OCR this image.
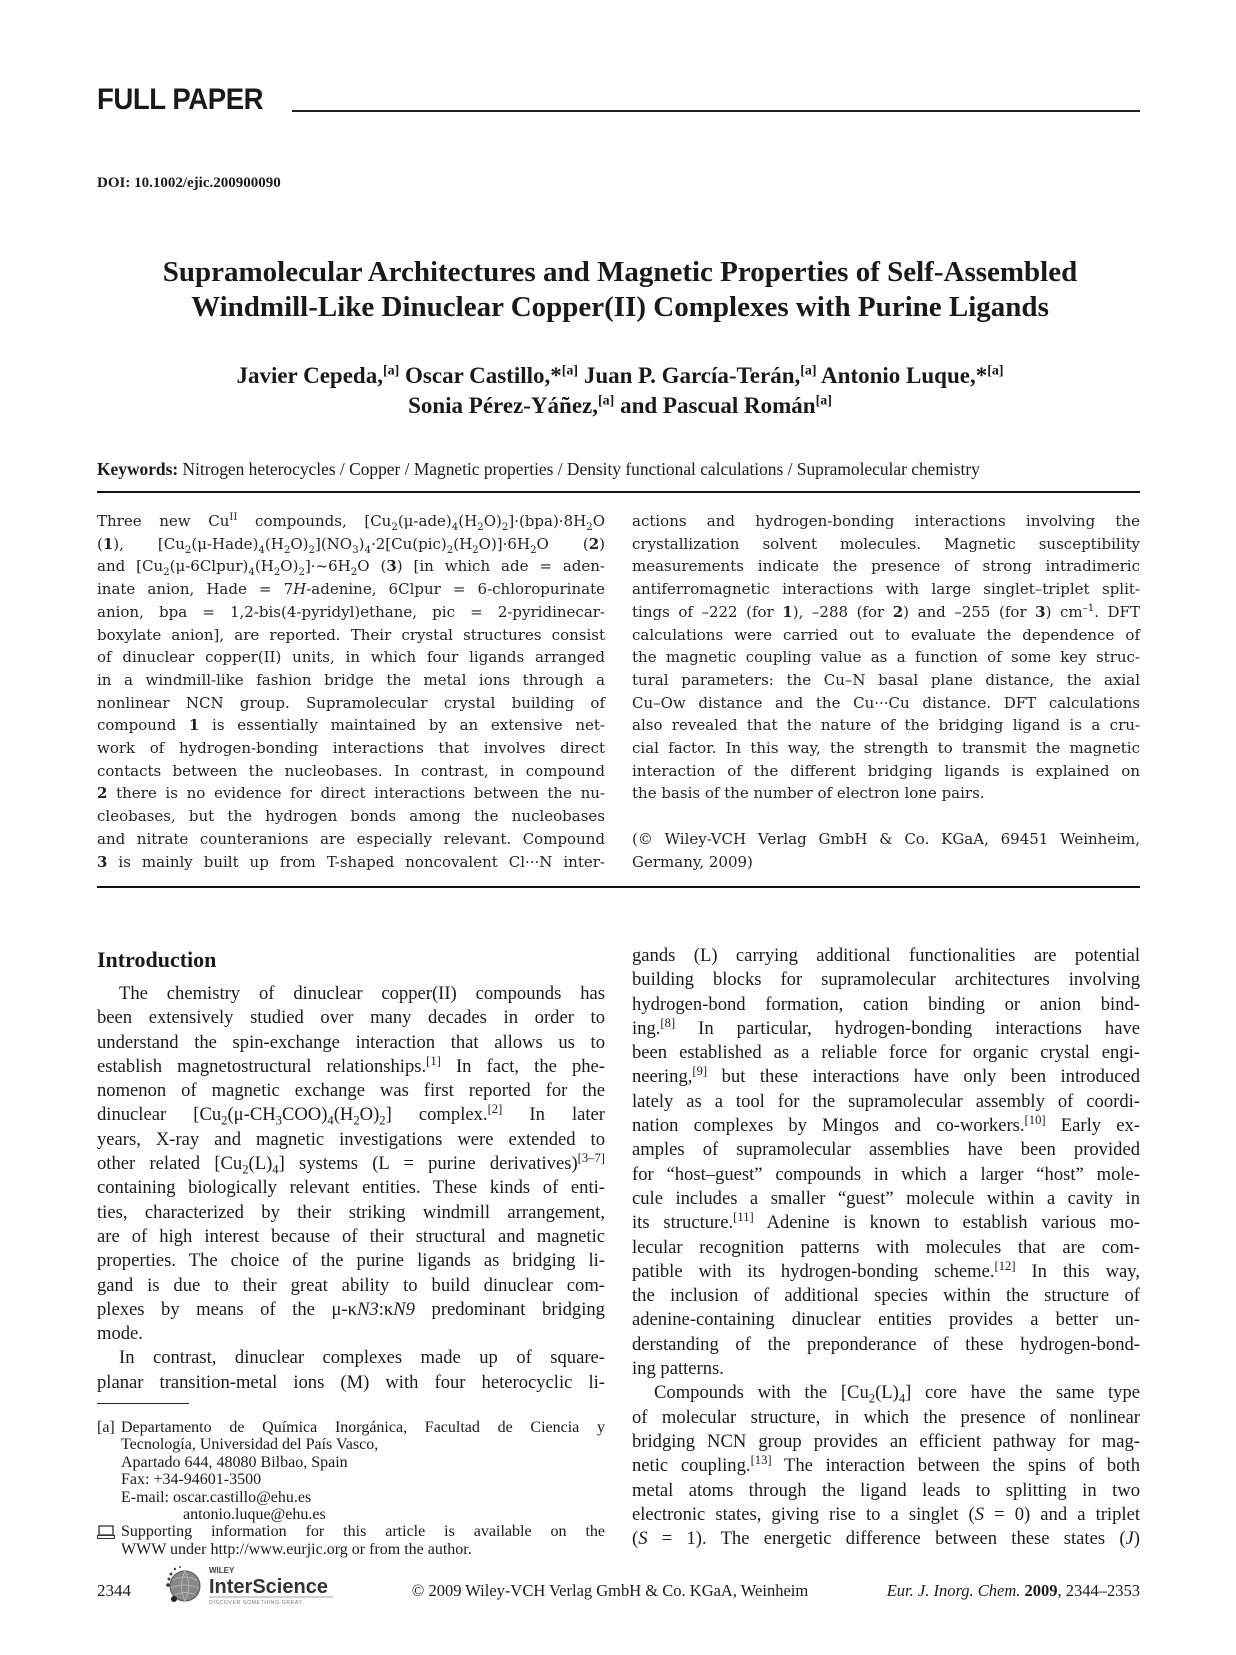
FULL PAPER
DOI: 10.1002/ejic.200900090
Supramolecular Architectures and Magnetic Properties of Self-Assembled
Windmill-Like Dinuclear Copper(II) Complexes with Purine Ligands
Javier Cepeda,[a] Oscar Castillo,*[a] Juan P. García-Terán,[a] Antonio Luque,*[a]
Sonia Pérez-Yáñez,[a] and Pascual Román[a]
Keywords: Nitrogen heterocycles / Copper / Magnetic properties / Density functional calculations / Supramolecular chemistry
Three new $Cu^{II}$ compounds, $[Cu_2(\mu-ade)_4(H_2O)_2]\cdot(bpa)\cdot 8H_2O$
(1), $[Cu_2(\mu-Hade)_4(H_2O)_2](NO_3)_4\cdot 2[Cu(pic)_2(H_2O)]\cdot 6H_2O$ (2)
and $[Cu_2(\mu-6Clpur)_4(H_2O)_2]\cdot\sim 6H_2O$ (3) [in which ade = aden-
inate anion, Hade = 7H-adenine, 6Clpur = 6-chloropurinate
anion, bpa = 1,2-bis(4-pyridyl)ethane, pic = 2-pyridinecar-
boxylate anion], are reported. Their crystal structures consist
of dinuclear copper(II) units, in which four ligands arranged
in a windmill-like fashion bridge the metal ions through a
nonlinear NCN group. Supramolecular crystal building of
compound 1 is essentially maintained by an extensive net-
work of hydrogen-bonding interactions that involves direct
contacts between the nucleobases. In contrast, in compound
2 there is no evidence for direct interactions between the nu-
cleobases, but the hydrogen bonds among the nucleobases
and nitrate counteranions are especially relevant. Compound
3 is mainly built up from T-shaped noncovalent Cl···N inter-
actions and hydrogen-bonding interactions involving the
crystallization solvent molecules. Magnetic susceptibility
measurements indicate the presence of strong intradimeric
antiferromagnetic interactions with large singlet–triplet split-
tings of –222 (for 1), –288 (for 2) and –255 (for 3) $cm^{-1}$. DFT
calculations were carried out to evaluate the dependence of
the magnetic coupling value as a function of some key struc-
tural parameters: the Cu–N basal plane distance, the axial
Cu–Ow distance and the Cu···Cu distance. DFT calculations
also revealed that the nature of the bridging ligand is a cru-
cial factor. In this way, the strength to transmit the magnetic
interaction of the different bridging ligands is explained on
the basis of the number of electron lone pairs.
(© Wiley-VCH Verlag GmbH & Co. KGaA, 69451 Weinheim,
Germany, 2009)
Introduction
The chemistry of dinuclear copper(II) compounds has
been extensively studied over many decades in order to
understand the spin-exchange interaction that allows us to
establish magnetostructural relationships.[1] In fact, the phe-
nomenon of magnetic exchange was first reported for the
dinuclear $[Cu_2(\mu-CH_3COO)_4(H_2O)_2]$ complex.[2] In later
years, X-ray and magnetic investigations were extended to
other related $[Cu_2(L)_4]$ systems (L = purine derivatives)[3–7]
containing biologically relevant entities. These kinds of enti-
ties, characterized by their striking windmill arrangement,
are of high interest because of their structural and magnetic
properties. The choice of the purine ligands as bridging li-
gand is due to their great ability to build dinuclear com-
plexes by means of the μ-κN3:κN9 predominant bridging
mode.
In contrast, dinuclear complexes made up of square-
planar transition-metal ions (M) with four heterocyclic li-
gands (L) carrying additional functionalities are potential
building blocks for supramolecular architectures involving
hydrogen-bond formation, cation binding or anion bind-
ing.[8] In particular, hydrogen-bonding interactions have
been established as a reliable force for organic crystal engi-
neering,[9] but these interactions have only been introduced
lately as a tool for the supramolecular assembly of coordi-
nation complexes by Mingos and co-workers.[10] Early ex-
amples of supramolecular assemblies have been provided
for “host–guest” compounds in which a larger “host” mole-
cule includes a smaller “guest” molecule within a cavity in
its structure.[11] Adenine is known to establish various mo-
lecular recognition patterns with molecules that are com-
patible with its hydrogen-bonding scheme.[12] In this way,
the inclusion of additional species within the structure of
adenine-containing dinuclear entities provides a better un-
derstanding of the preponderance of these hydrogen-bond-
ing patterns.
Compounds with the $[Cu_2(L)_4]$ core have the same type
of molecular structure, in which the presence of nonlinear
bridging NCN group provides an efficient pathway for mag-
netic coupling.[13] The interaction between the spins of both
metal atoms through the ligand leads to splitting in two
electronic states, giving rise to a singlet (S = 0) and a triplet
(S = 1). The energetic difference between these states (J)
[a] Departamento de Química Inorgánica, Facultad de Ciencia y
Tecnología, Universidad del País Vasco,
Apartado 644, 48080 Bilbao, Spain
Fax: +34-94601-3500
E-mail: oscar.castillo@ehu.es
antonio.luque@ehu.es
Supporting information for this article is available on the
WWW under http://www.eurjic.org or from the author.
2344
WILEY
InterScience
DISCOVER SOMETHING GREAT
© 2009 Wiley-VCH Verlag GmbH & Co. KGaA, Weinheim	Eur. J. Inorg. Chem. 2009, 2344–2353
